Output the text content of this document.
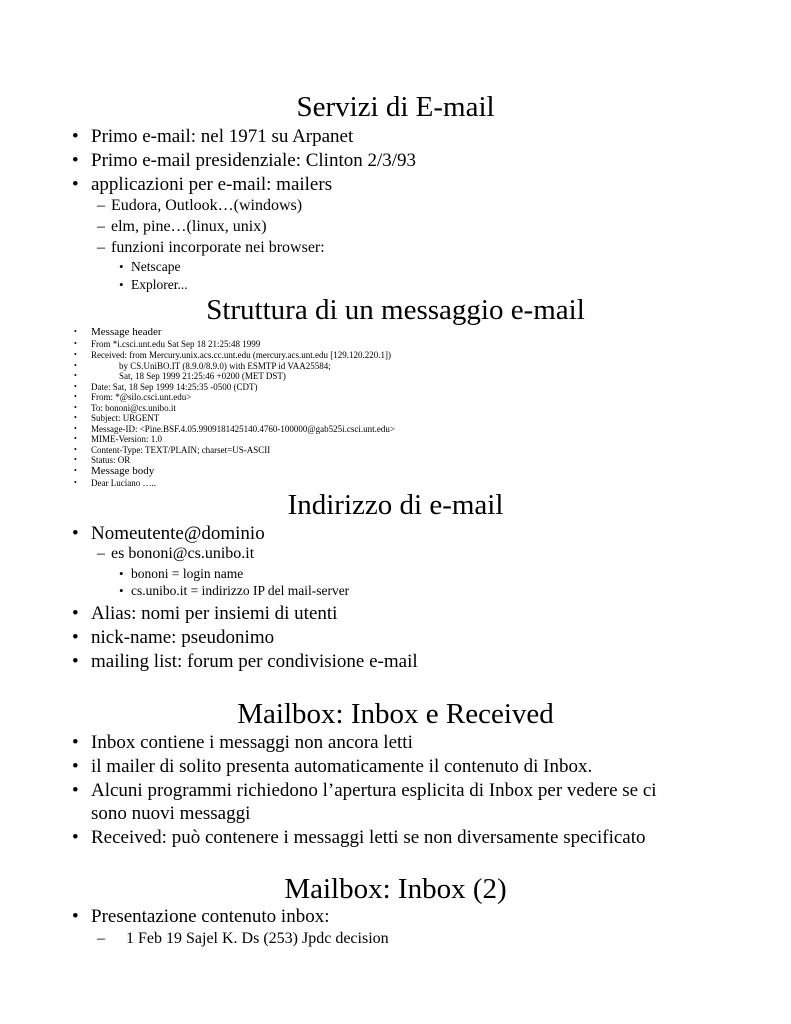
Servizi di E-mail
• Primo e-mail: nel 1971 su Arpanet
• Primo e-mail presidenziale: Clinton 2/3/93
• applicazioni per e-mail: mailers
– Eudora, Outlook…(windows)
– elm, pine…(linux, unix)
– funzioni incorporate nei browser:
• Netscape
• Explorer...
Struttura di un messaggio e-mail
• Message header
• From *i.csci.unt.edu Sat Sep 18 21:25:48 1999
• Received: from Mercury.unix.acs.cc.unt.edu (mercury.acs.unt.edu [129.120.220.1])
•	by CS.UniBO.IT (8.9.0/8.9.0) with ESMTP id VAA25584;
•	Sat, 18 Sep 1999 21:25:46 +0200 (MET DST)
• Date: Sat, 18 Sep 1999 14:25:35 -0500 (CDT)
• From: *@silo.csci.unt.edu>
• To: bononi@cs.unibo.it
• Subject: URGENT
• Message-ID: <Pine.BSF.4.05.9909181425140.4760-100000@gab525i.csci.unt.edu>
• MIME-Version: 1.0
• Content-Type: TEXT/PLAIN; charset=US-ASCII
• Status: OR
• Message body
• Dear Luciano …..
Indirizzo di e-mail
• Nomeutente@dominio
– es bononi@cs.unibo.it
• bononi = login name
• cs.unibo.it = indirizzo IP del mail-server
• Alias: nomi per insiemi di utenti
• nick-name: pseudonimo
• mailing list: forum per condivisione e-mail
Mailbox: Inbox e Received
• Inbox contiene i messaggi non ancora letti
• il mailer di solito presenta automaticamente il contenuto di Inbox.
• Alcuni programmi richiedono l’apertura esplicita di Inbox per vedere se ci
sono nuovi messaggi
• Received: può contenere i messaggi letti se non diversamente specificato
Mailbox: Inbox (2)
• Presentazione contenuto inbox:
– 1 Feb 19 Sajel K. Ds (253) Jpdc decision
